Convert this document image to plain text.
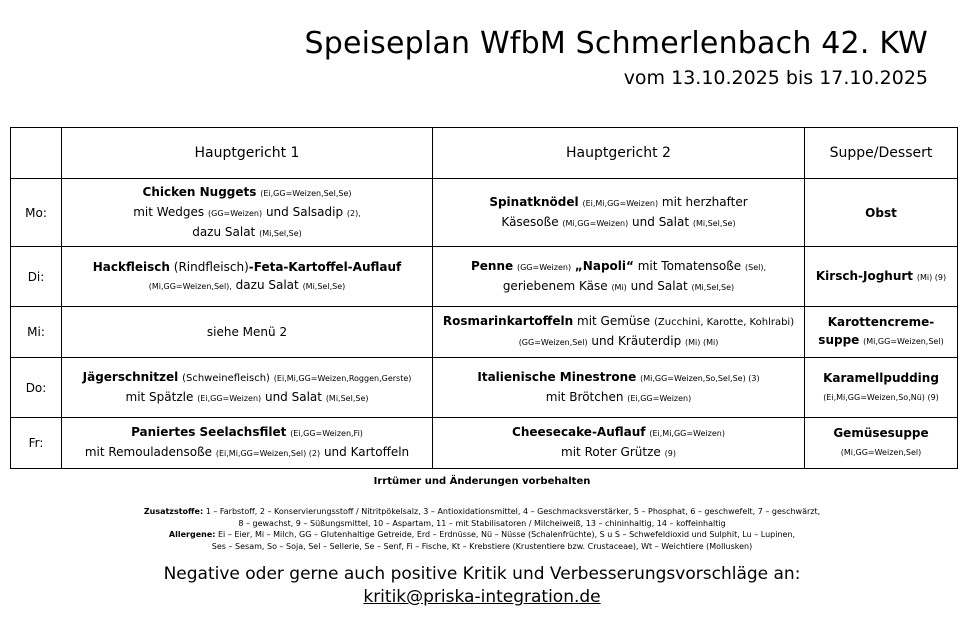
Speiseplan WfbM Schmerlenbach 42. KW
vom 13.10.2025 bis 17.10.2025
	Hauptgericht 1	Hauptgericht 2	Suppe/Dessert
Mo:	Chicken Nuggets (Ei,GG=Weizen,Sel,Se)
mit Wedges (GG=Weizen) und Salsadip (2),
dazu Salat (Mi,Sel,Se)	Spinatknödel (Ei,Mi,GG=Weizen) mit herzhafter
Käsesoße (Mi,GG=Weizen) und Salat (Mi,Sel,Se)	Obst
Di:	Hackfleisch (Rindfleisch)-Feta-Kartoffel-Auflauf
(Mi,GG=Weizen,Sel), dazu Salat (Mi,Sel,Se)	Penne (GG=Weizen) „Napoli“ mit Tomatensoße (Sel),
geriebenem Käse (Mi) und Salat (Mi,Sel,Se)	Kirsch-Joghurt (Mi) (9)
Mi:	siehe Menü 2	Rosmarinkartoffeln mit Gemüse (Zucchini, Karotte, Kohlrabi)
(GG=Weizen,Sel) und Kräuterdip (Mi) (Mi)	Karottencreme-
suppe (Mi,GG=Weizen,Sel)
Do:	Jägerschnitzel (Schweinefleisch) (Ei,Mi,GG=Weizen,Roggen,Gerste)
mit Spätzle (Ei,GG=Weizen) und Salat (Mi,Sel,Se)	Italienische Minestrone (Mi,GG=Weizen,So,Sel,Se) (3)
mit Brötchen (Ei,GG=Weizen)	Karamellpudding
(Ei,Mi,GG=Weizen,So,Nü) (9)
Fr:	Paniertes Seelachsfilet (Ei,GG=Weizen,Fi)
mit Remouladensoße (Ei,Mi,GG=Weizen,Sel) (2) und Kartoffeln	Cheesecake-Auflauf (Ei,Mi,GG=Weizen)
mit Roter Grütze (9)	Gemüsesuppe
(Mi,GG=Weizen,Sel)
Irrtümer und Änderungen vorbehalten
Zusatzstoffe: 1 – Farbstoff, 2 – Konservierungsstoff / Nitritpökelsalz, 3 – Antioxidationsmittel, 4 – Geschmacksverstärker, 5 – Phosphat, 6 – geschwefelt, 7 – geschwärzt,
8 – gewachst, 9 – Süßungsmittel, 10 – Aspartam, 11 – mit Stabilisatoren / Milcheiweiß, 13 – chininhaltig, 14 – koffeinhaltig
Allergene: Ei – Eier, Mi – Milch, GG – Glutenhaltige Getreide, Erd – Erdnüsse, Nü – Nüsse (Schalenfrüchte), S u S – Schwefeldioxid und Sulphit, Lu – Lupinen,
Ses – Sesam, So – Soja, Sel – Sellerie, Se – Senf, Fi – Fische, Kt – Krebstiere (Krustentiere bzw. Crustaceae), Wt – Weichtiere (Mollusken)
Negative oder gerne auch positive Kritik und Verbesserungsvorschläge an:
kritik@priska-integration.de
